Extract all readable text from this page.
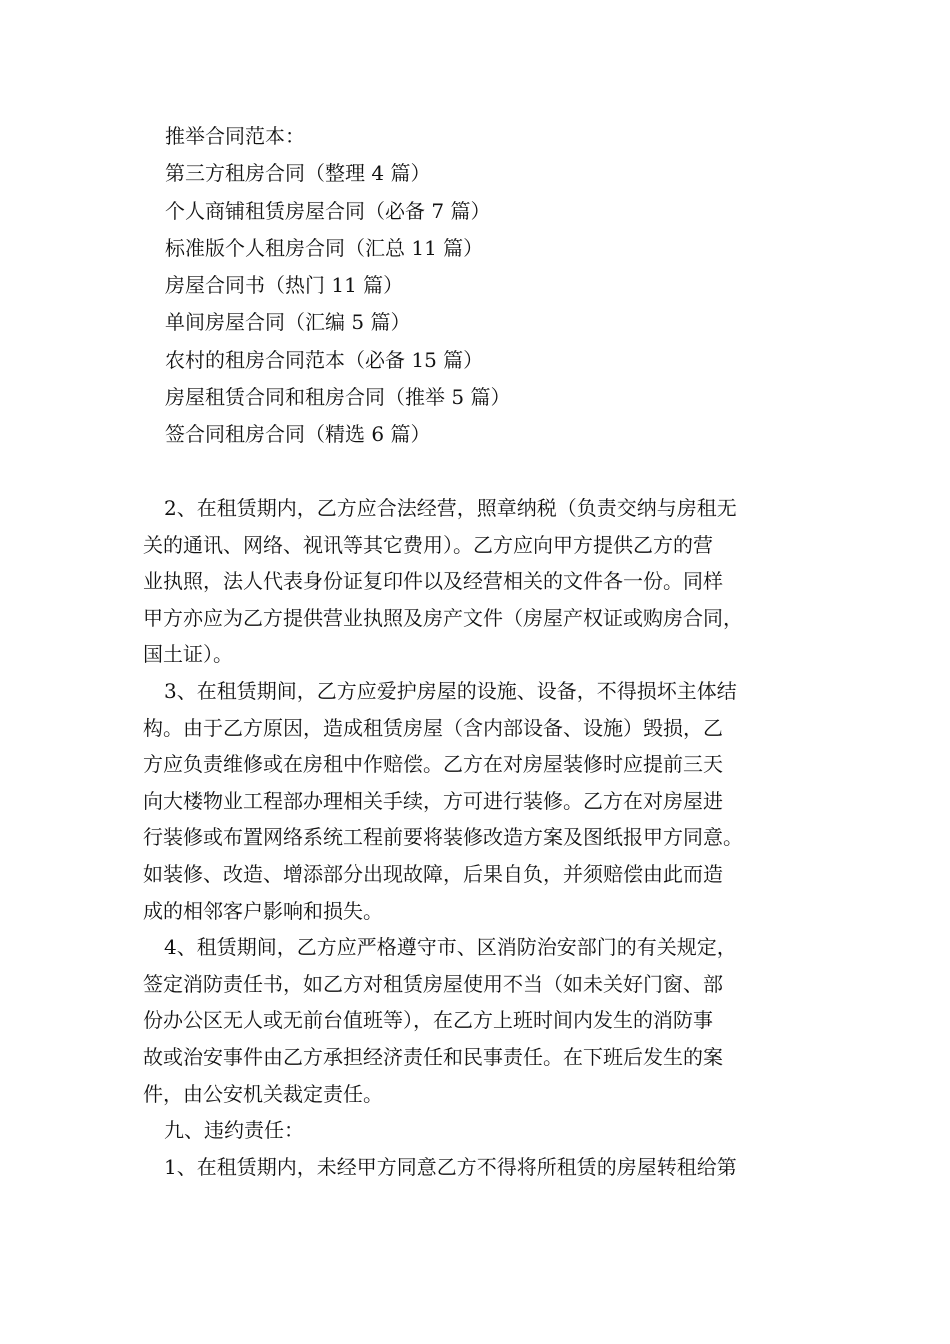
推举合同范本：
第三方租房合同（整理 4 篇）
个人商铺租赁房屋合同（必备 7 篇）
标准版个人租房合同（汇总 11 篇）
房屋合同书（热门 11 篇）
单间房屋合同（汇编 5 篇）
农村的租房合同范本（必备 15 篇）
房屋租赁合同和租房合同（推举 5 篇）
签合同租房合同（精选 6 篇）

2、在租赁期内，乙方应合法经营，照章纳税（负责交纳与房租无
关的通讯、网络、视讯等其它费用）。乙方应向甲方提供乙方的营
业执照，法人代表身份证复印件以及经营相关的文件各一份。同样
甲方亦应为乙方提供营业执照及房产文件（房屋产权证或购房合同，
国土证）。

3、在租赁期间，乙方应爱护房屋的设施、设备，不得损坏主体结
构。由于乙方原因，造成租赁房屋（含内部设备、设施）毁损，乙
方应负责维修或在房租中作赔偿。乙方在对房屋装修时应提前三天
向大楼物业工程部办理相关手续，方可进行装修。乙方在对房屋进
行装修或布置网络系统工程前要将装修改造方案及图纸报甲方同意。
如装修、改造、增添部分出现故障，后果自负，并须赔偿由此而造
成的相邻客户影响和损失。

4、租赁期间，乙方应严格遵守市、区消防治安部门的有关规定，
签定消防责任书，如乙方对租赁房屋使用不当（如未关好门窗、部
份办公区无人或无前台值班等），在乙方上班时间内发生的消防事
故或治安事件由乙方承担经济责任和民事责任。在下班后发生的案
件，由公安机关裁定责任。

九、违约责任：

1、在租赁期内，未经甲方同意乙方不得将所租赁的房屋转租给第
